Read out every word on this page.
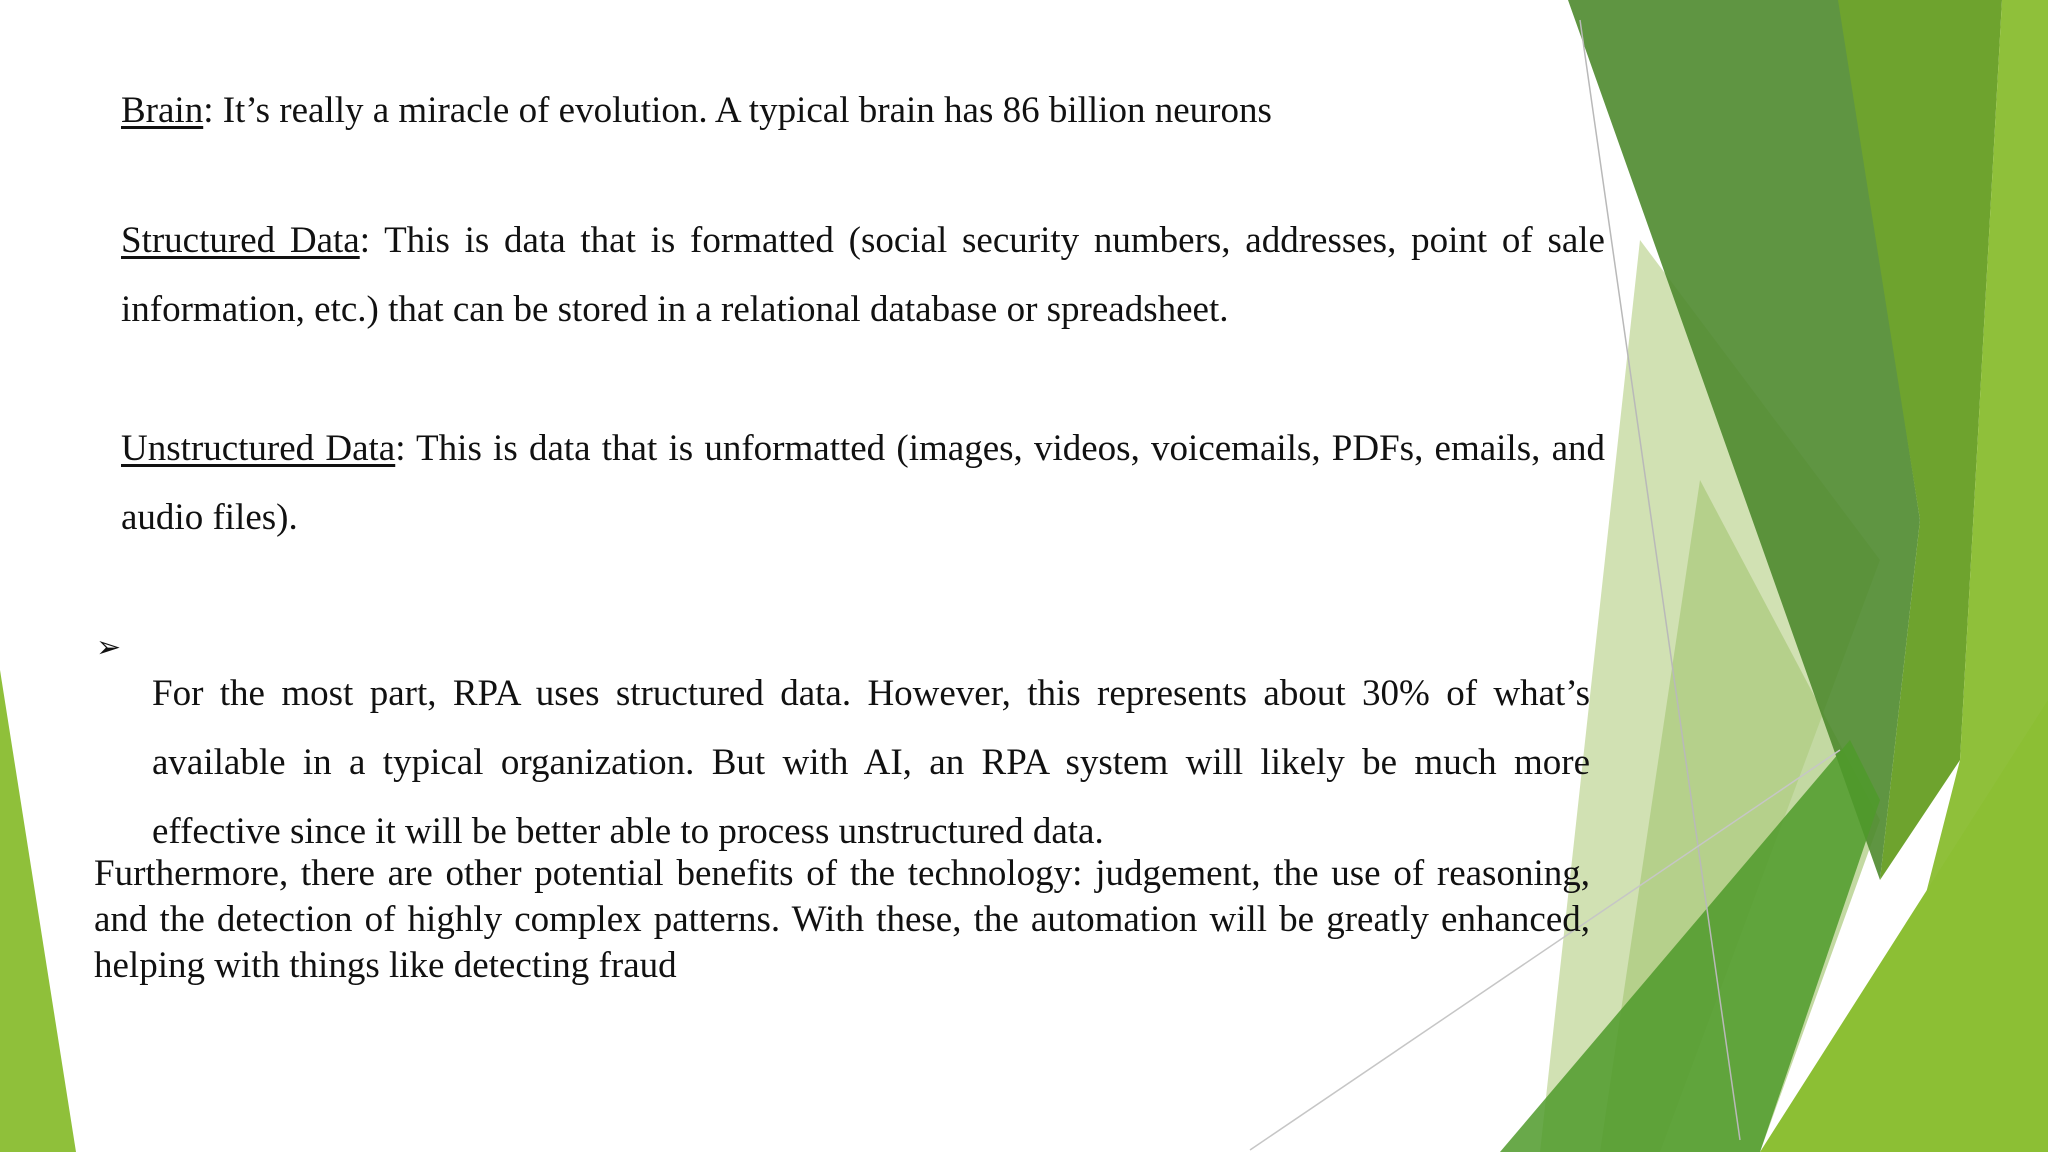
Brain: It’s really a miracle of evolution. A typical brain has 86 billion neurons

Structured Data: This is data that is formatted (social security numbers, addresses, point of sale information, etc.) that can be stored in a relational database or spreadsheet.

Unstructured Data: This is data that is unformatted (images, videos, voicemails, PDFs, emails, and audio files).

➢

For the most part, RPA uses structured data. However, this represents about 30% of what’s available in a typical organization. But with AI, an RPA system will likely be much more effective since it will be better able to process unstructured data.

Furthermore, there are other potential benefits of the technology: judgement, the use of reasoning, and the detection of highly complex patterns. With these, the automation will be greatly enhanced, helping with things like detecting fraud
